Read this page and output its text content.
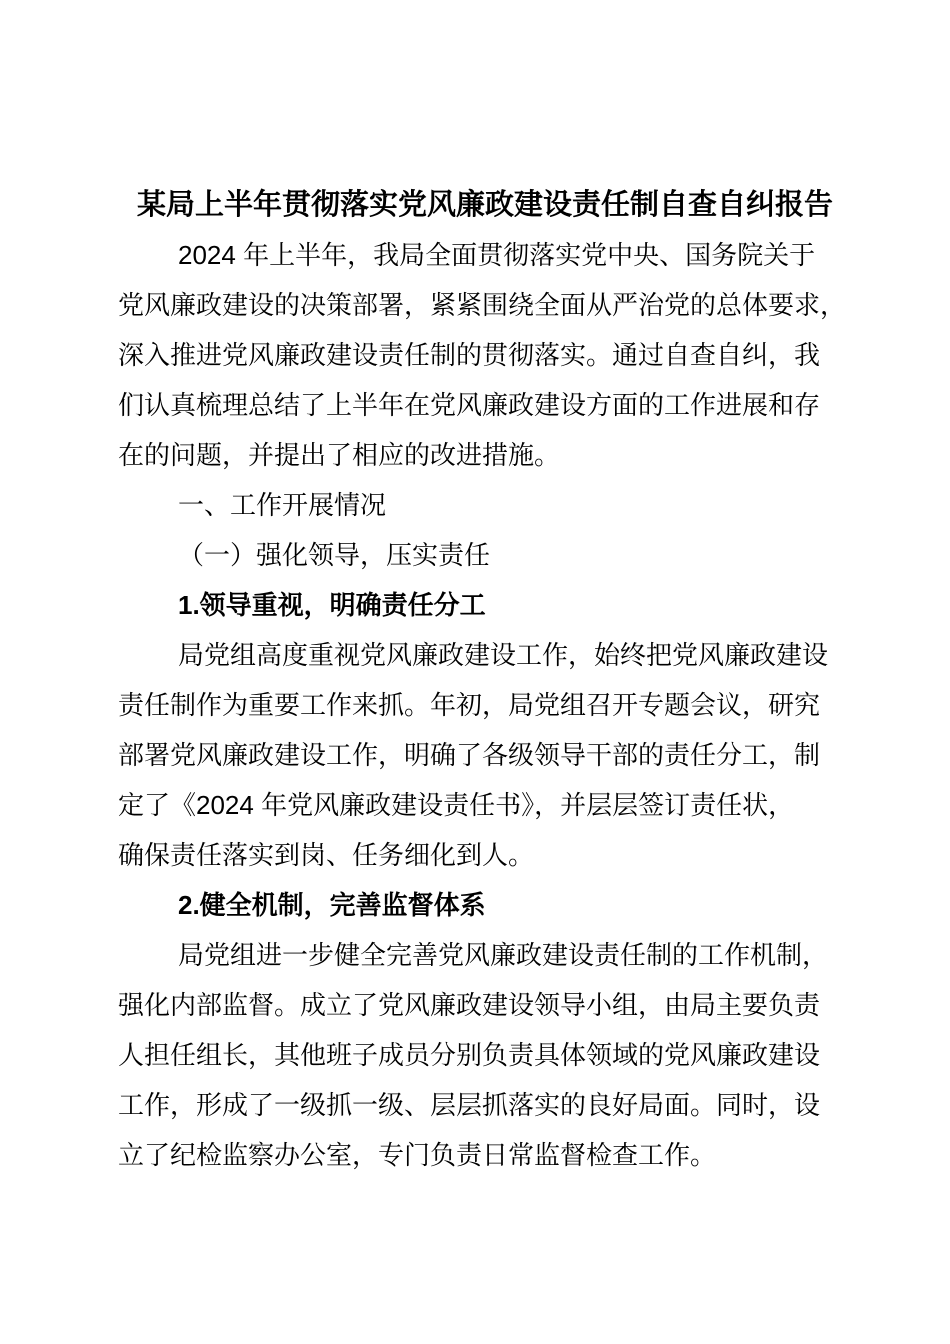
某局上半年贯彻落实党风廉政建设责任制自查自纠报告
2024 年上半年，我局全面贯彻落实党中央、国务院关于
党风廉政建设的决策部署，紧紧围绕全面从严治党的总体要求，
深入推进党风廉政建设责任制的贯彻落实。通过自查自纠，我
们认真梳理总结了上半年在党风廉政建设方面的工作进展和存
在的问题，并提出了相应的改进措施。
一、工作开展情况
（一）强化领导，压实责任
1.领导重视，明确责任分工
局党组高度重视党风廉政建设工作，始终把党风廉政建设
责任制作为重要工作来抓。年初，局党组召开专题会议，研究
部署党风廉政建设工作，明确了各级领导干部的责任分工，制
定了《2024 年党风廉政建设责任书》，并层层签订责任状，
确保责任落实到岗、任务细化到人。
2.健全机制，完善监督体系
局党组进一步健全完善党风廉政建设责任制的工作机制，
强化内部监督。成立了党风廉政建设领导小组，由局主要负责
人担任组长，其他班子成员分别负责具体领域的党风廉政建设
工作，形成了一级抓一级、层层抓落实的良好局面。同时，设
立了纪检监察办公室，专门负责日常监督检查工作。
